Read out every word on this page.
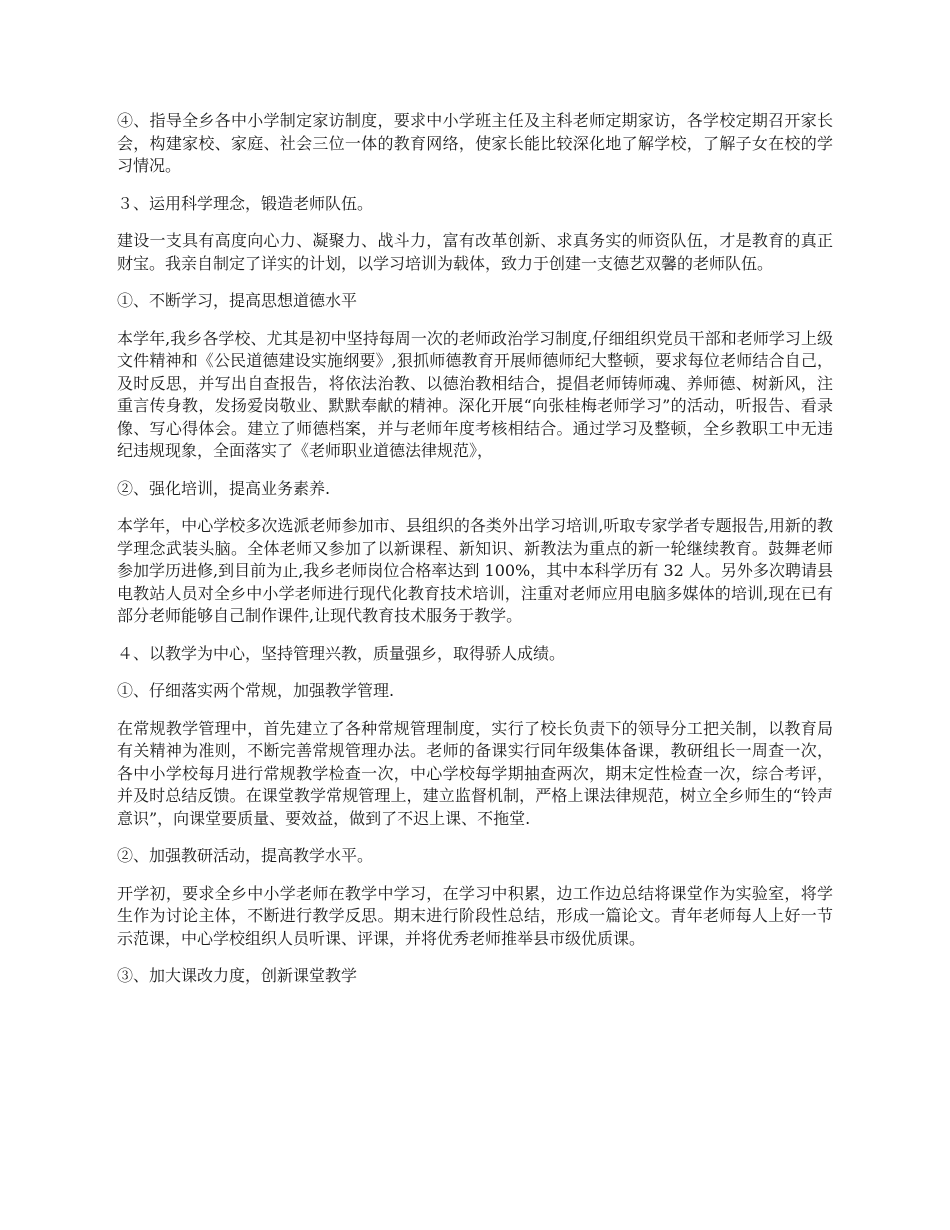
④、指导全乡各中小学制定家访制度，要求中小学班主任及主科老师定期家访，各学校定期召开家长会，构建家校、家庭、社会三位一体的教育网络，使家长能比较深化地了解学校，了解子女在校的学习情况。

３、运用科学理念，锻造老师队伍。

建设一支具有高度向心力、凝聚力、战斗力，富有改革创新、求真务实的师资队伍，才是教育的真正财宝。我亲自制定了详实的计划，以学习培训为载体，致力于创建一支德艺双馨的老师队伍。

①、不断学习，提高思想道德水平

本学年,我乡各学校、尤其是初中坚持每周一次的老师政治学习制度,仔细组织党员干部和老师学习上级文件精神和《公民道德建设实施纲要》,狠抓师德教育开展师德师纪大整顿，要求每位老师结合自己，及时反思，并写出自查报告，将依法治教、以德治教相结合，提倡老师铸师魂、养师德、树新风，注重言传身教，发扬爱岗敬业、默默奉献的精神。深化开展“向张桂梅老师学习”的活动，听报告、看录像、写心得体会。建立了师德档案，并与老师年度考核相结合。通过学习及整顿，全乡教职工中无违纪违规现象，全面落实了《老师职业道德法律规范》，

②、强化培训，提高业务素养.

本学年，中心学校多次选派老师参加市、县组织的各类外出学习培训,听取专家学者专题报告,用新的教学理念武装头脑。全体老师又参加了以新课程、新知识、新教法为重点的新一轮继续教育。鼓舞老师参加学历进修,到目前为止,我乡老师岗位合格率达到 100%，其中本科学历有 32 人。另外多次聘请县电教站人员对全乡中小学老师进行现代化教育技术培训，注重对老师应用电脑多媒体的培训,现在已有部分老师能够自己制作课件,让现代教育技术服务于教学。

４、以教学为中心，坚持管理兴教，质量强乡，取得骄人成绩。

①、仔细落实两个常规，加强教学管理.

在常规教学管理中，首先建立了各种常规管理制度，实行了校长负责下的领导分工把关制，以教育局有关精神为准则，不断完善常规管理办法。老师的备课实行同年级集体备课，教研组长一周查一次，各中小学校每月进行常规教学检查一次，中心学校每学期抽查两次，期末定性检查一次，综合考评，并及时总结反馈。在课堂教学常规管理上，建立监督机制，严格上课法律规范，树立全乡师生的“铃声意识”，向课堂要质量、要效益，做到了不迟上课、不拖堂.

②、加强教研活动，提高教学水平。

开学初，要求全乡中小学老师在教学中学习，在学习中积累，边工作边总结将课堂作为实验室，将学生作为讨论主体，不断进行教学反思。期末进行阶段性总结，形成一篇论文。青年老师每人上好一节示范课，中心学校组织人员听课、评课，并将优秀老师推举县市级优质课。

③、加大课改力度，创新课堂教学
